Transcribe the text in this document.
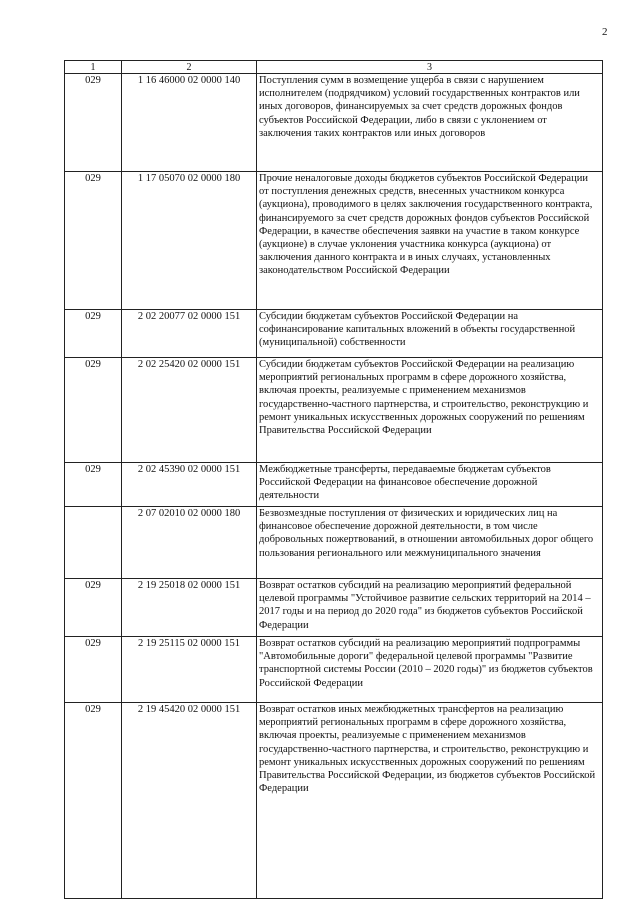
2
1	2	3
029	1 16 46000 02 0000 140	Поступления сумм в возмещение ущерба в связи с нарушением исполнителем (подрядчиком) условий государственных контрактов или иных договоров, финансируемых за счет средств дорожных фондов субъектов Российской Федерации, либо в связи с уклонением от заключения таких контрактов или иных договоров
029	1 17 05070 02 0000 180	Прочие неналоговые доходы бюджетов субъектов Российской Федерации от поступления денежных средств, внесенных участником конкурса (аукциона), проводимого в целях заключения государственного контракта, финансируемого за счет средств дорожных фондов субъектов Российской Федерации, в качестве обеспечения заявки на участие в таком конкурсе (аукционе) в случае уклонения участника конкурса (аукциона) от заключения данного контракта и в иных случаях, установленных законодательством Российской Федерации
029	2 02 20077 02 0000 151	Субсидии бюджетам субъектов Российской Федерации на софинансирование капитальных вложений в объекты государственной (муниципальной) собственности
029	2 02 25420 02 0000 151	Субсидии бюджетам субъектов Российской Федерации на реализацию мероприятий региональных программ в сфере дорожного хозяйства, включая проекты, реализуемые с применением механизмов государственно-частного партнерства, и строительство, реконструкцию и ремонт уникальных искусственных дорожных сооружений по решениям Правительства Российской Федерации
029	2 02 45390 02 0000 151	Межбюджетные трансферты, передаваемые бюджетам субъектов Российской Федерации на финансовое обеспечение дорожной деятельности
	2 07 02010 02 0000 180	Безвозмездные поступления от физических и юридических лиц на финансовое обеспечение дорожной деятельности, в том числе добровольных пожертвований, в отношении автомобильных дорог общего пользования регионального или межмуниципального значения
029	2 19 25018 02 0000 151	Возврат остатков субсидий на реализацию мероприятий федеральной целевой программы "Устойчивое развитие сельских территорий на 2014 – 2017 годы и на период до 2020 года" из бюджетов субъектов Российской Федерации
029	2 19 25115 02 0000 151	Возврат остатков субсидий на реализацию мероприятий подпрограммы "Автомобильные дороги" федеральной целевой программы "Развитие транспортной системы России (2010 – 2020 годы)" из бюджетов субъектов Российской Федерации
029	2 19 45420 02 0000 151	Возврат остатков иных межбюджетных трансфертов на реализацию мероприятий региональных программ в сфере дорожного хозяйства, включая проекты, реализуемые с применением механизмов государственно-частного партнерства, и строительство, реконструкцию и ремонт уникальных искусственных дорожных сооружений по решениям Правительства Российской Федерации, из бюджетов субъектов Российской Федерации
